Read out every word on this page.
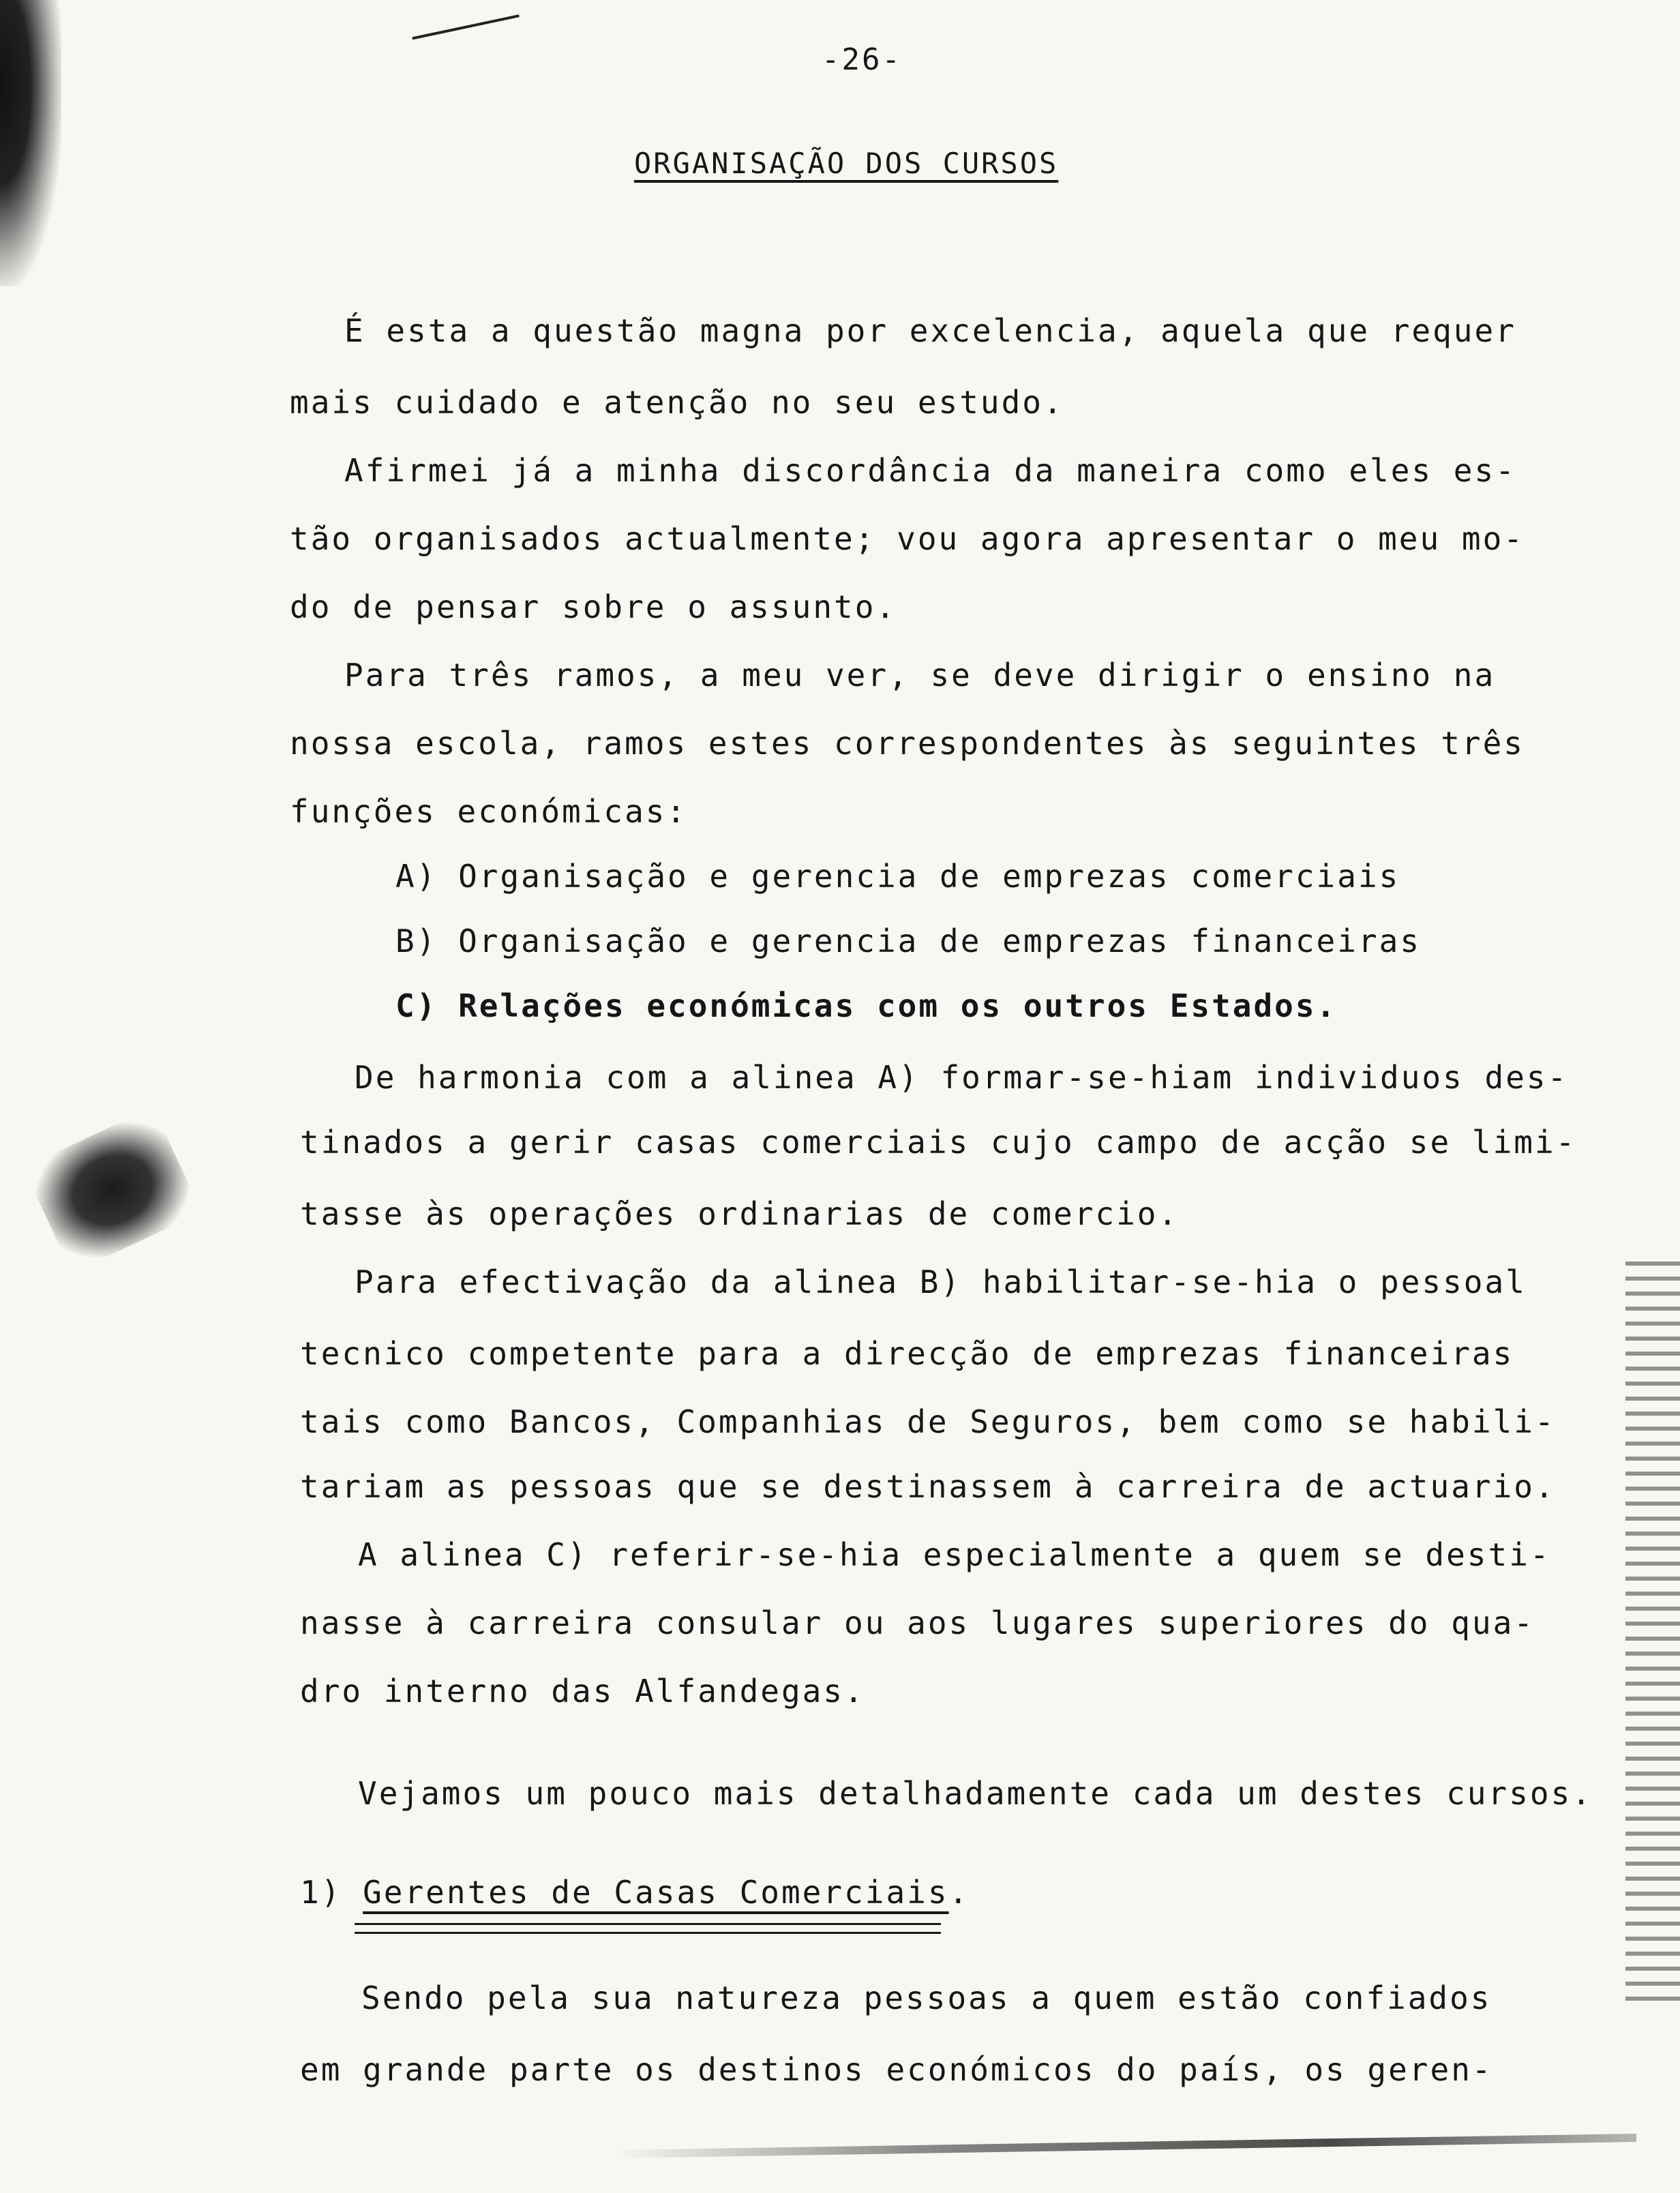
-26-
ORGANISAÇÃO DOS CURSOS
É esta a questão magna por excelencia, aquela que requer
mais cuidado e atenção no seu estudo.
Afirmei já a minha discordância da maneira como eles es-
tão organisados actualmente; vou agora apresentar o meu mo-
do de pensar sobre o assunto.
Para três ramos, a meu ver, se deve dirigir o ensino na
nossa escola, ramos estes correspondentes às seguintes três
funções económicas:
A) Organisação e gerencia de emprezas comerciais
B) Organisação e gerencia de emprezas financeiras
C) Relações económicas com os outros Estados.
De harmonia com a alinea A) formar-se-hiam individuos des-
tinados a gerir casas comerciais cujo campo de acção se limi-
tasse às operações ordinarias de comercio.
Para efectivação da alinea B) habilitar-se-hia o pessoal
tecnico competente para a direcção de emprezas financeiras
tais como Bancos, Companhias de Seguros, bem como se habili-
tariam as pessoas que se destinassem à carreira de actuario.
A alinea C) referir-se-hia especialmente a quem se desti-
nasse à carreira consular ou aos lugares superiores do qua-
dro interno das Alfandegas.
Vejamos um pouco mais detalhadamente cada um destes cursos.
1) Gerentes de Casas Comerciais.
Sendo pela sua natureza pessoas a quem estão confiados
em grande parte os destinos económicos do país, os geren-
